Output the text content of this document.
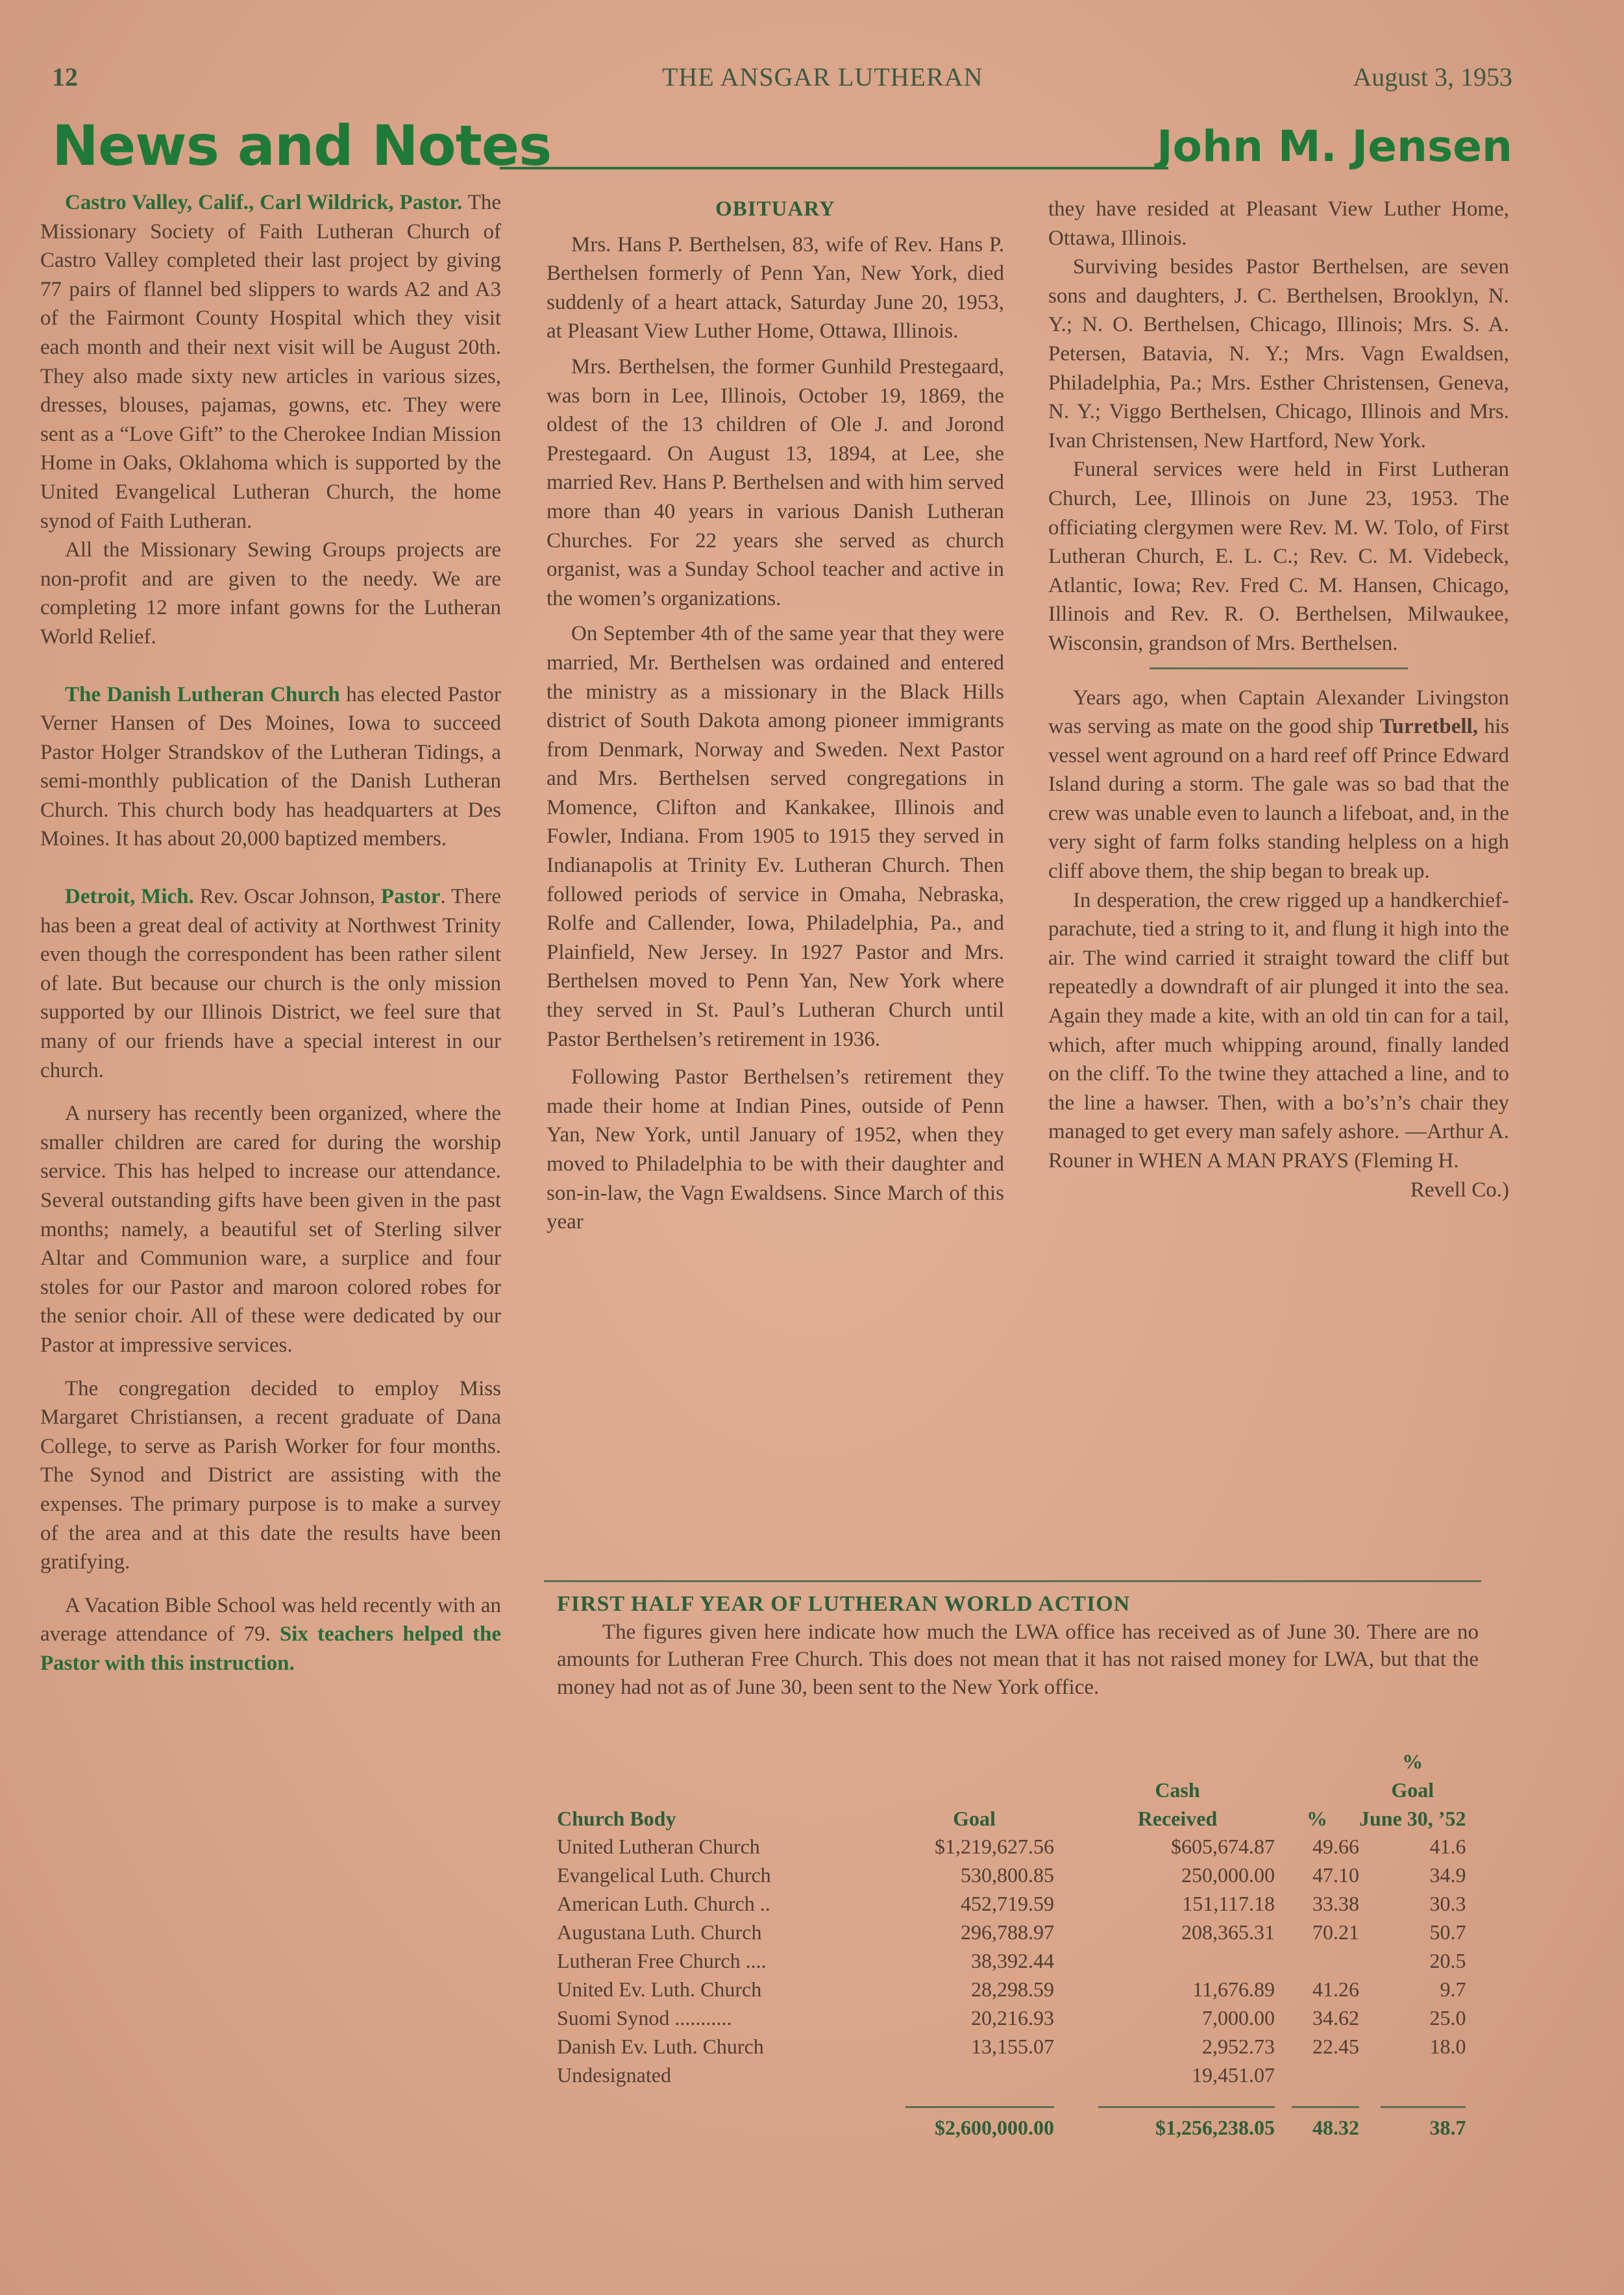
12	THE ANSGAR LUTHERAN	August 3, 1953
News and Notes	John M. Jensen

Castro Valley, Calif., Carl Wildrick, Pastor. The Missionary Society of Faith Lutheran Church of Castro Valley completed their last project by giving 77 pairs of flannel bed slippers to wards A2 and A3 of the Fairmont County Hospital which they visit each month and their next visit will be August 20th. They also made sixty new articles in various sizes, dresses, blouses, pajamas, gowns, etc. They were sent as a “Love Gift” to the Cherokee Indian Mission Home in Oaks, Oklahoma which is supported by the United Evangelical Lutheran Church, the home synod of Faith Lutheran.

All the Missionary Sewing Groups projects are non-profit and are given to the needy. We are completing 12 more infant gowns for the Lutheran World Relief.

The Danish Lutheran Church has elected Pastor Verner Hansen of Des Moines, Iowa to succeed Pastor Holger Strandskov of the Lutheran Tidings, a semi-monthly publication of the Danish Lutheran Church. This church body has headquarters at Des Moines. It has about 20,000 baptized members.

Detroit, Mich. Rev. Oscar Johnson, Pastor. There has been a great deal of activity at Northwest Trinity even though the correspondent has been rather silent of late. But because our church is the only mission supported by our Illinois District, we feel sure that many of our friends have a special interest in our church.

A nursery has recently been organized, where the smaller children are cared for during the worship service. This has helped to increase our attendance. Several outstanding gifts have been given in the past months; namely, a beautiful set of Sterling silver Altar and Communion ware, a surplice and four stoles for our Pastor and maroon colored robes for the senior choir. All of these were dedicated by our Pastor at impressive services.

The congregation decided to employ Miss Margaret Christiansen, a recent graduate of Dana College, to serve as Parish Worker for four months. The Synod and District are assisting with the expenses. The primary purpose is to make a survey of the area and at this date the results have been gratifying.

A Vacation Bible School was held recently with an average attendance of 79. Six teachers helped the Pastor with this instruction.

OBITUARY

Mrs. Hans P. Berthelsen, 83, wife of Rev. Hans P. Berthelsen formerly of Penn Yan, New York, died suddenly of a heart attack, Saturday June 20, 1953, at Pleasant View Luther Home, Ottawa, Illinois.

Mrs. Berthelsen, the former Gunhild Prestegaard, was born in Lee, Illinois, October 19, 1869, the oldest of the 13 children of Ole J. and Jorond Prestegaard. On August 13, 1894, at Lee, she married Rev. Hans P. Berthelsen and with him served more than 40 years in various Danish Lutheran Churches. For 22 years she served as church organist, was a Sunday School teacher and active in the women’s organizations.

On September 4th of the same year that they were married, Mr. Berthelsen was ordained and entered the ministry as a missionary in the Black Hills district of South Dakota among pioneer immigrants from Denmark, Norway and Sweden. Next Pastor and Mrs. Berthelsen served congregations in Momence, Clifton and Kankakee, Illinois and Fowler, Indiana. From 1905 to 1915 they served in Indianapolis at Trinity Ev. Lutheran Church. Then followed periods of service in Omaha, Nebraska, Rolfe and Callender, Iowa, Philadelphia, Pa., and Plainfield, New Jersey. In 1927 Pastor and Mrs. Berthelsen moved to Penn Yan, New York where they served in St. Paul’s Lutheran Church until Pastor Berthelsen’s retirement in 1936.

Following Pastor Berthelsen’s retirement they made their home at Indian Pines, outside of Penn Yan, New York, until January of 1952, when they moved to Philadelphia to be with their daughter and son-in-law, the Vagn Ewaldsens. Since March of this year

they have resided at Pleasant View Luther Home, Ottawa, Illinois.

Surviving besides Pastor Berthelsen, are seven sons and daughters, J. C. Berthelsen, Brooklyn, N. Y.; N. O. Berthelsen, Chicago, Illinois; Mrs. S. A. Petersen, Batavia, N. Y.; Mrs. Vagn Ewaldsen, Philadelphia, Pa.; Mrs. Esther Christensen, Geneva, N. Y.; Viggo Berthelsen, Chicago, Illinois and Mrs. Ivan Christensen, New Hartford, New York.

Funeral services were held in First Lutheran Church, Lee, Illinois on June 23, 1953. The officiating clergymen were Rev. M. W. Tolo, of First Lutheran Church, E. L. C.; Rev. C. M. Videbeck, Atlantic, Iowa; Rev. Fred C. M. Hansen, Chicago, Illinois and Rev. R. O. Berthelsen, Milwaukee, Wisconsin, grandson of Mrs. Berthelsen.

Years ago, when Captain Alexander Livingston was serving as mate on the good ship Turretbell, his vessel went aground on a hard reef off Prince Edward Island during a storm. The gale was so bad that the crew was unable even to launch a lifeboat, and, in the very sight of farm folks standing helpless on a high cliff above them, the ship began to break up.

In desperation, the crew rigged up a handkerchief-parachute, tied a string to it, and flung it high into the air. The wind carried it straight toward the cliff but repeatedly a downdraft of air plunged it into the sea. Again they made a kite, with an old tin can for a tail, which, after much whipping around, finally landed on the cliff. To the twine they attached a line, and to the line a hawser. Then, with a bo’s’n’s chair they managed to get every man safely ashore. —Arthur A. Rouner in WHEN A MAN PRAYS (Fleming H.

Revell Co.)

FIRST HALF YEAR OF LUTHERAN WORLD ACTION

The figures given here indicate how much the LWA office has received as of June 30. There are no amounts for Lutheran Free Church. This does not mean that it has not raised money for LWA, but that the money had not as of June 30, been sent to the New York office.

				%
		Cash		Goal
Church Body	Goal	Received	%	June 30, ’52
United Lutheran Church	$1,219,627.56	$605,674.87	49.66	41.6
Evangelical Luth. Church	530,800.85	250,000.00	47.10	34.9
American Luth. Church ..	452,719.59	151,117.18	33.38	30.3
Augustana Luth. Church	296,788.97	208,365.31	70.21	50.7
Lutheran Free Church ....	38,392.44			20.5
United Ev. Luth. Church	28,298.59	11,676.89	41.26	9.7
Suomi Synod ...........	20,216.93	7,000.00	34.62	25.0
Danish Ev. Luth. Church	13,155.07	2,952.73	22.45	18.0
Undesignated		19,451.07		

	$2,600,000.00	$1,256,238.05	48.32	38.7
